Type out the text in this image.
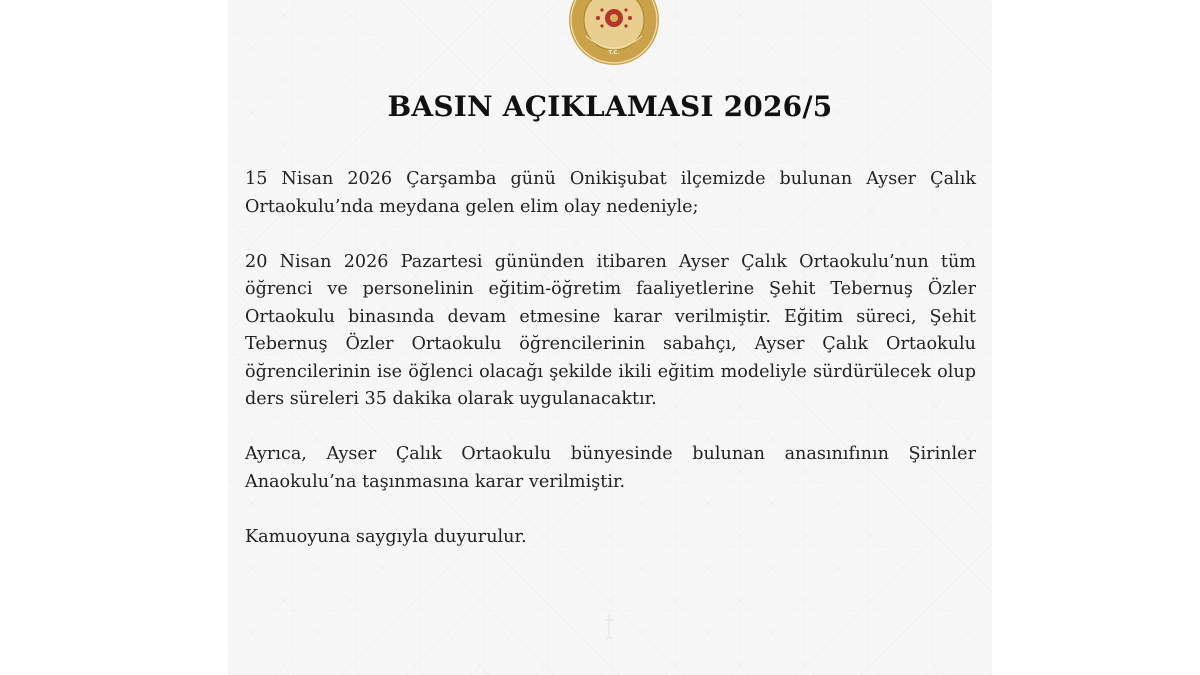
T.C.
BASIN AÇIKLAMASI 2026/5

15 Nisan 2026 Çarşamba günü Onikişubat ilçemizde bulunan Ayser Çalık Ortaokulu’nda meydana gelen elim olay nedeniyle;

20 Nisan 2026 Pazartesi gününden itibaren Ayser Çalık Ortaokulu’nun tüm öğrenci ve personelinin eğitim-öğretim faaliyetlerine Şehit Tebernuş Özler Ortaokulu binasında devam etmesine karar verilmiştir. Eğitim süreci, Şehit Tebernuş Özler Ortaokulu öğrencilerinin sabahçı, Ayser Çalık Ortaokulu öğrencilerinin ise öğlenci olacağı şekilde ikili eğitim modeliyle sürdürülecek olup ders süreleri 35 dakika olarak uygulanacaktır.

Ayrıca, Ayser Çalık Ortaokulu bünyesinde bulunan anasınıfının Şirinler Anaokulu’na taşınmasına karar verilmiştir.

Kamuoyuna saygıyla duyurulur.
